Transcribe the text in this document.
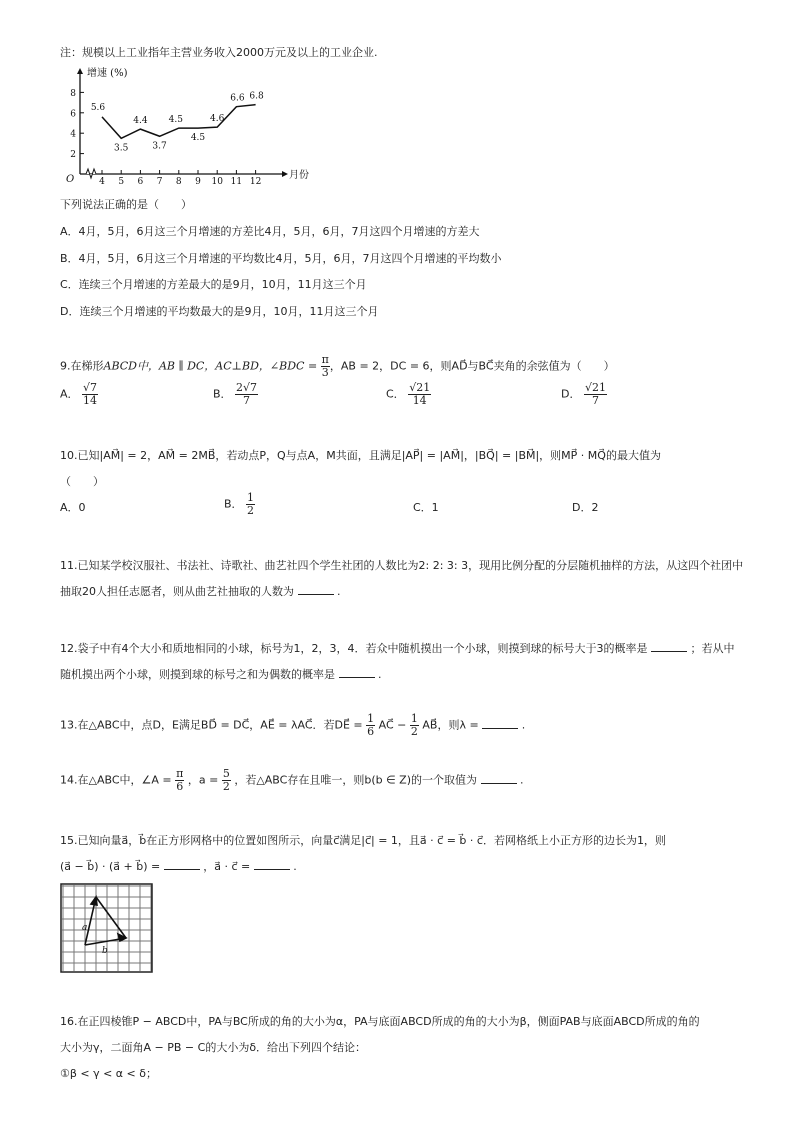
注：规模以上工业指年主营业务收入2000万元及以上的工业企业.
增速 (%)
月份
O
2
4
6
8
4 5 6 7 8 9 10 11 12
5.6
3.5
4.4
3.7
4.5
4.5
4.6
6.6 6.8
下列说法正确的是（　　）
A．4月，5月，6月这三个月增速的方差比4月，5月，6月，7月这四个月增速的方差大
B．4月，5月，6月这三个月增速的平均数比4月，5月，6月，7月这四个月增速的平均数小
C．连续三个月增速的方差最大的是9月，10月，11月这三个月
D．连续三个月增速的平均数最大的是9月，10月，11月这三个月
9.在梯形ABCD中，AB ∥ DC，AC⊥BD，∠BDC = $\frac{\pi}{3}$ ，AB = 2，DC = 6，则AD⃗与BC⃗夹角的余弦值为（　　）
A． $\frac{√7}{14}$	B． $\frac{2√7}{7}$	C． $\frac{√21}{14}$	D． $\frac{√21}{7}$
10.已知|AM⃗| = 2，AM⃗ = 2MB⃗，若动点P，Q与点A，M共面，且满足|AP⃗| = |AM⃗|，|BQ⃗| = |BM⃗|，则MP⃗ · MQ⃗的最大值为
（　　）
A．0	B． $\frac{1}{2}$	C．1	D．2
11.已知某学校汉服社、书法社、诗歌社、曲艺社四个学生社团的人数比为2: 2: 3: 3，现用比例分配的分层随机抽样的方法，从这四个社团中
抽取20人担任志愿者，则从曲艺社抽取的人数为	.
12.袋子中有4个大小和质地相同的小球，标号为1，2，3，4．若众中随机摸出一个小球，则摸到球的标号大于3的概率是	；若从中
随机摸出两个小球，则摸到球的标号之和为偶数的概率是	.
13.在△ABC中，点D，E满足BD⃗ = DC⃗，AE⃗ = λAC⃗．若DE⃗ = $\frac{1}{6}$ AC⃗ − $\frac{1}{2}$ AB⃗，则λ =	.
14.在△ABC中，∠A = $\frac{\pi}{6}$ ，$a = \frac{5}{2}$ ，若△ABC存在且唯一，则b(b ∈ Z)的一个取值为	.
15.已知向量a⃗，b⃗在正方形网格中的位置如图所示，向量c⃗满足|c⃗| = 1，且a⃗ · c⃗ = b⃗ · c⃗．若网格纸上小正方形的边长为1，则
(a⃗ − b⃗) · (a⃗ + b⃗) =	，a⃗ · c⃗ =	.
a
b
16.在正四棱锥P − ABCD中，PA与BC所成的角的大小为α，PA与底面ABCD所成的角的大小为β，侧面PAB与底面ABCD所成的角的
大小为γ，二面角A − PB − C的大小为δ．给出下列四个结论：
①β < γ < α < δ；
